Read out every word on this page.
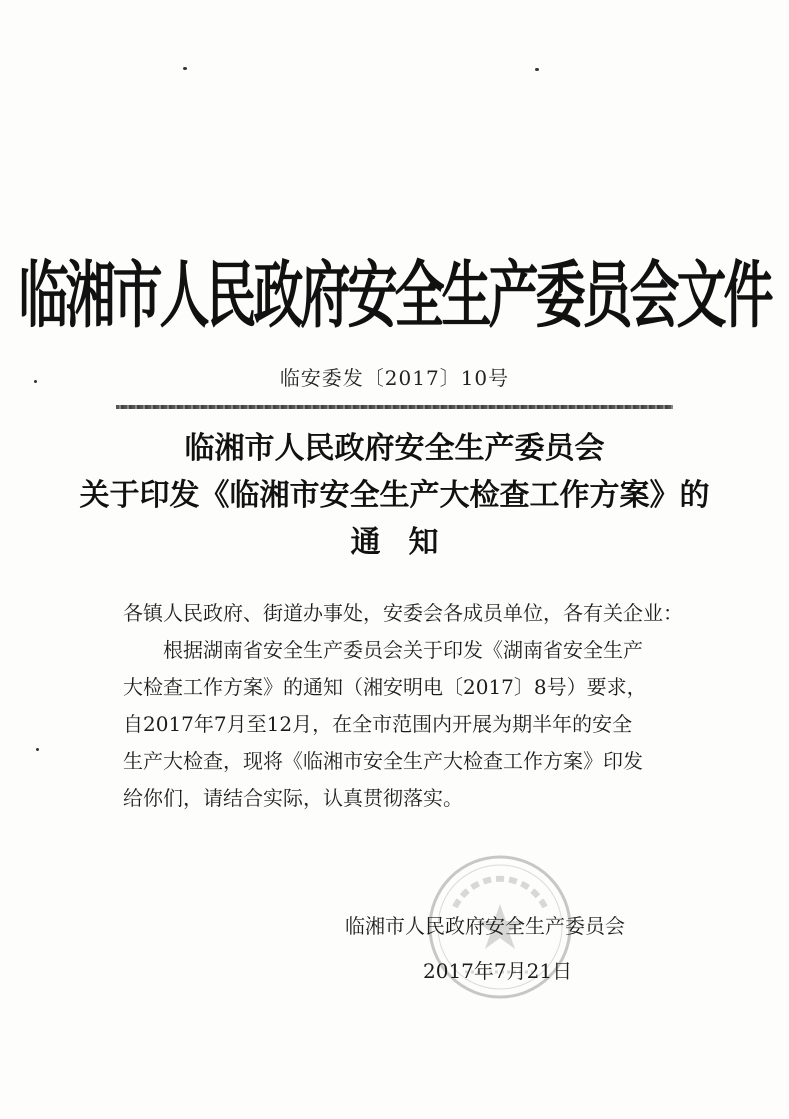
临湘市人民政府安全生产委员会文件
临安委发〔2017〕10号
临湘市人民政府安全生产委员会
关于印发《临湘市安全生产大检查工作方案》的
通知
各镇人民政府、街道办事处，安委会各成员单位，各有关企业：
根据湖南省安全生产委员会关于印发《湖南省安全生产
大检查工作方案》的通知（湘安明电〔2017〕8号）要求，
自2017年7月至12月，在全市范围内开展为期半年的安全
生产大检查，现将《临湘市安全生产大检查工作方案》印发
给你们，请结合实际，认真贯彻落实。
临湘市人民政府安全生产委员会
2017年7月21日
